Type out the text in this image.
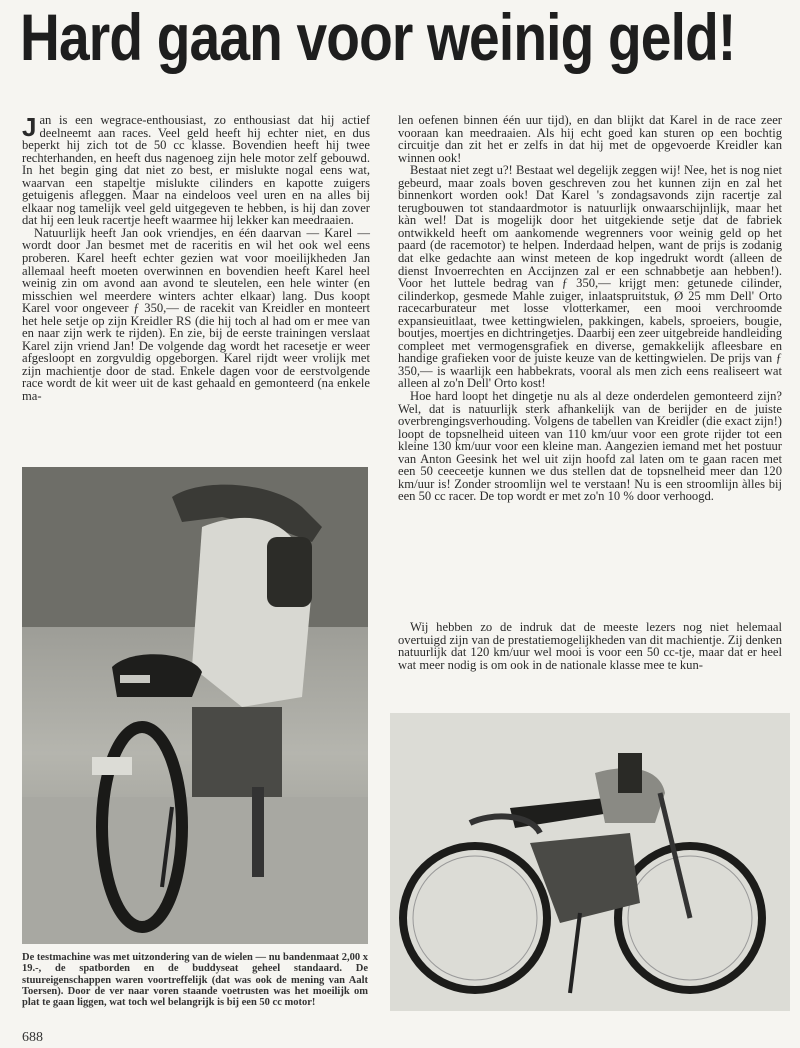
Hard gaan voor weinig geld!

Jan is een wegrace-enthousiast, zo enthousiast dat hij actief deelneemt aan races. Veel geld heeft hij echter niet, en dus beperkt hij zich tot de 50 cc klasse. Bovendien heeft hij twee rechterhanden, en heeft dus nagenoeg zijn hele motor zelf gebouwd. In het begin ging dat niet zo best, er mislukte nogal eens wat, waarvan een stapeltje mislukte cilinders en kapotte zuigers getuigenis afleggen. Maar na eindeloos veel uren en na alles bij elkaar nog tamelijk veel geld uitgegeven te hebben, is hij dan zover dat hij een leuk racertje heeft waarmee hij lekker kan meedraaien.

Natuurlijk heeft Jan ook vriendjes, en één daarvan — Karel — wordt door Jan besmet met de raceritis en wil het ook wel eens proberen. Karel heeft echter gezien wat voor moeilijkheden Jan allemaal heeft moeten overwinnen en bovendien heeft Karel heel weinig zin om avond aan avond te sleutelen, een hele winter (en misschien wel meerdere winters achter elkaar) lang. Dus koopt Karel voor ongeveer ƒ 350,— de racekit van Kreidler en monteert het hele setje op zijn Kreidler RS (die hij toch al had om er mee van en naar zijn werk te rijden). En zie, bij de eerste trainingen verslaat Karel zijn vriend Jan! De volgende dag wordt het racesetje er weer afgesloopt en zorgvuldig opgeborgen. Karel rijdt weer vrolijk met zijn machientje door de stad. Enkele dagen voor de eerstvolgende race wordt de kit weer uit de kast gehaald en gemonteerd (na enkele ma-

len oefenen binnen één uur tijd), en dan blijkt dat Karel in de race zeer vooraan kan meedraaien. Als hij echt goed kan sturen op een bochtig circuitje dan zit het er zelfs in dat hij met de opgevoerde Kreidler kan winnen ook!

Bestaat niet zegt u?! Bestaat wel degelijk zeggen wij! Nee, het is nog niet gebeurd, maar zoals boven geschreven zou het kunnen zijn en zal het binnenkort worden ook! Dat Karel 's zondagsavonds zijn racertje zal terugbouwen tot standaardmotor is natuurlijk onwaarschijnlijk, maar het kàn wel! Dat is mogelijk door het uitgekiende setje dat de fabriek ontwikkeld heeft om aankomende wegrenners voor weinig geld op het paard (de racemotor) te helpen. Inderdaad helpen, want de prijs is zodanig dat elke gedachte aan winst meteen de kop ingedrukt wordt (alleen de dienst Invoerrechten en Accijnzen zal er een schnabbetje aan hebben!). Voor het luttele bedrag van ƒ 350,— krijgt men: getunede cilinder, cilinderkop, gesmede Mahle zuiger, inlaatspruitstuk, Ø 25 mm Dell' Orto racecarburateur met losse vlotterkamer, een mooi verchroomde expansieuitlaat, twee kettingwielen, pakkingen, kabels, sproeiers, bougie, boutjes, moertjes en dichtringetjes. Daarbij een zeer uitgebreide handleiding compleet met vermogensgrafiek en diverse, gemakkelijk afleesbare en handige grafieken voor de juiste keuze van de kettingwielen. De prijs van ƒ 350,— is waarlijk een habbekrats, vooral als men zich eens realiseert wat alleen al zo'n Dell' Orto kost!

Hoe hard loopt het dingetje nu als al deze onderdelen gemonteerd zijn? Wel, dat is natuurlijk sterk afhankelijk van de berijder en de juiste overbrengingsverhouding. Volgens de tabellen van Kreidler (die exact zijn!) loopt de topsnelheid uiteen van 110 km/uur voor een grote rijder tot een kleine 130 km/uur voor een kleine man. Aangezien iemand met het postuur van Anton Geesink het wel uit zijn hoofd zal laten om te gaan racen met een 50 ceeceetje kunnen we dus stellen dat de topsnelheid meer dan 120 km/uur is! Zonder stroomlijn wel te verstaan! Nu is een stroomlijn àlles bij een 50 cc racer. De top wordt er met zo'n 10 % door verhoogd.

Wij hebben zo de indruk dat de meeste lezers nog niet helemaal overtuigd zijn van de prestatiemogelijkheden van dit machientje. Zij denken natuurlijk dat 120 km/uur wel mooi is voor een 50 cc-tje, maar dat er heel wat meer nodig is om ook in de nationale klasse mee te kun-

De testmachine was met uitzondering van de wielen — nu bandenmaat 2,00 x 19.-, de spatborden en de buddyseat geheel standaard. De stuureigenschappen waren voortreffelijk (dat was ook de mening van Aalt Toersen). Door de ver naar voren staande voetrusten was het moeilijk om plat te gaan liggen, wat toch wel belangrijk is bij een 50 cc motor!
688
